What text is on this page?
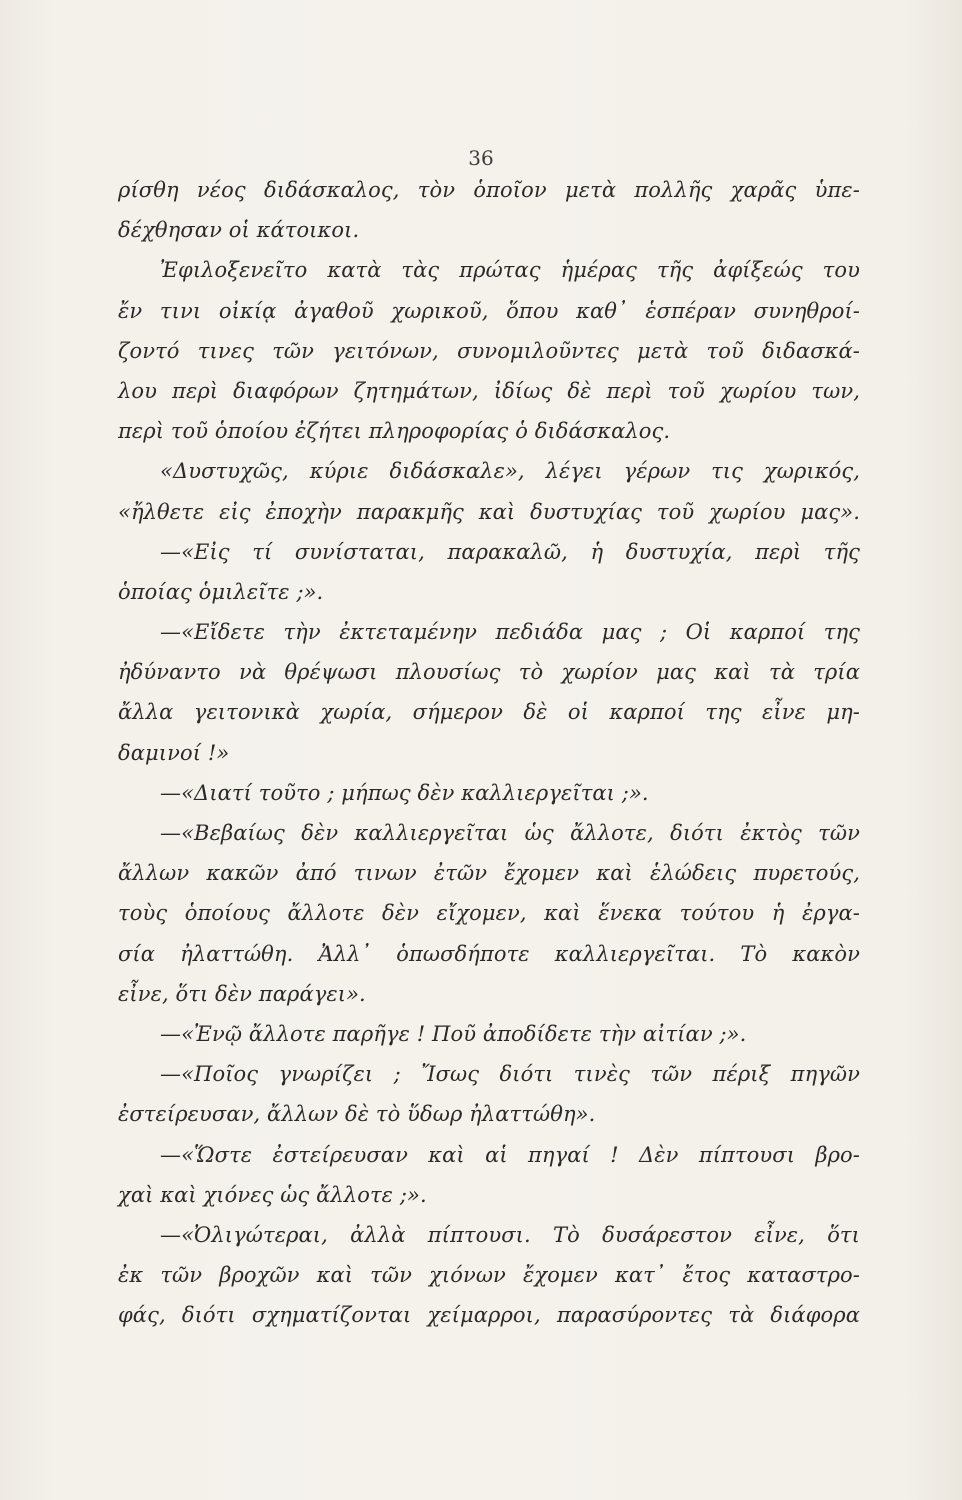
36
ρίσθη νέος διδάσκαλος, τὸν ὁποῖον μετὰ πολλῆς χαρᾶς ὑπε-
δέχθησαν οἱ κάτοικοι.
Ἐφιλοξενεῖτο κατὰ τὰς πρώτας ἡμέρας τῆς ἀφίξεώς του
ἔν τινι οἰκίᾳ ἀγαθοῦ χωρικοῦ, ὅπου καθ᾽ ἑσπέραν συνηθροί-
ζοντό τινες τῶν γειτόνων, συνομιλοῦντες μετὰ τοῦ διδασκά-
λου περὶ διαφόρων ζητημάτων, ἰδίως δὲ περὶ τοῦ χωρίου των,
περὶ τοῦ ὁποίου ἐζήτει πληροφορίας ὁ διδάσκαλος.
«Δυστυχῶς, κύριε διδάσκαλε», λέγει γέρων τις χωρικός,
«ἤλθετε εἰς ἐποχὴν παρακμῆς καὶ δυστυχίας τοῦ χωρίου μας».
—«Εἰς τί συνίσταται, παρακαλῶ, ἡ δυστυχία, περὶ τῆς
ὁποίας ὁμιλεῖτε ;».
—«Εἴδετε τὴν ἐκτεταμένην πεδιάδα μας ; Οἱ καρποί της
ἠδύναντο νὰ θρέψωσι πλουσίως τὸ χωρίον μας καὶ τὰ τρία
ἄλλα γειτονικὰ χωρία, σήμερον δὲ οἱ καρποί της εἶνε μη-
δαμινοί !»
—«Διατί τοῦτο ; μήπως δὲν καλλιεργεῖται ;».
—«Βεβαίως δὲν καλλιεργεῖται ὡς ἄλλοτε, διότι ἐκτὸς τῶν
ἄλλων κακῶν ἀπό τινων ἐτῶν ἔχομεν καὶ ἑλώδεις πυρετούς,
τοὺς ὁποίους ἄλλοτε δὲν εἴχομεν, καὶ ἕνεκα τούτου ἡ ἐργα-
σία ἠλαττώθη. Ἀλλ᾽ ὁπωσδήποτε καλλιεργεῖται. Τὸ κακὸν
εἶνε, ὅτι δὲν παράγει».
—«Ἐνῷ ἄλλοτε παρῆγε ! Ποῦ ἀποδίδετε τὴν αἰτίαν ;».
—«Ποῖος γνωρίζει ; Ἴσως διότι τινὲς τῶν πέριξ πηγῶν
ἐστείρευσαν, ἄλλων δὲ τὸ ὕδωρ ἠλαττώθη».
—«Ὥστε ἐστείρευσαν καὶ αἱ πηγαί ! Δὲν πίπτουσι βρο-
χαὶ καὶ χιόνες ὡς ἄλλοτε ;».
—«Ὀλιγώτεραι, ἀλλὰ πίπτουσι. Τὸ δυσάρεστον εἶνε, ὅτι
ἐκ τῶν βροχῶν καὶ τῶν χιόνων ἔχομεν κατ᾽ ἔτος καταστρο-
φάς, διότι σχηματίζονται χείμαρροι, παρασύροντες τὰ διάφορα
